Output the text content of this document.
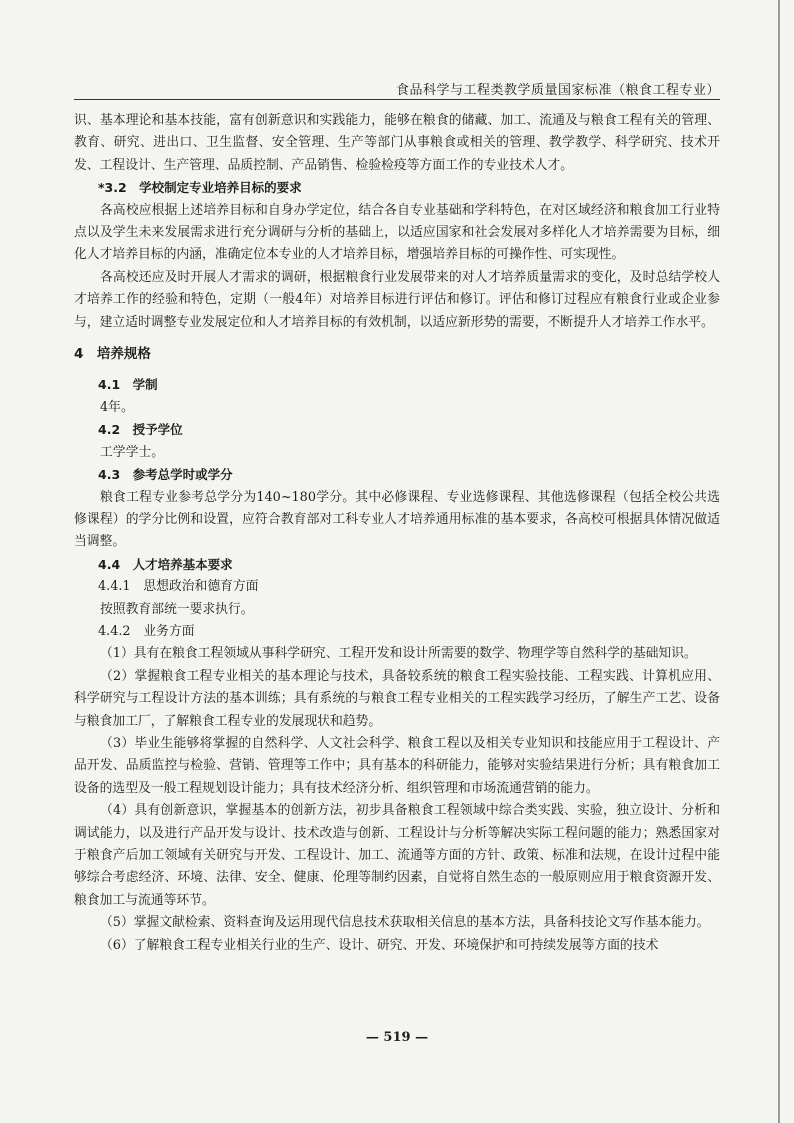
食品科学与工程类教学质量国家标准（粮食工程专业）

识、基本理论和基本技能，富有创新意识和实践能力，能够在粮食的储藏、加工、流通及与粮食工程有关的管理、教育、研究、进出口、卫生监督、安全管理、生产等部门从事粮食或相关的管理、教学教学、科学研究、技术开发、工程设计、生产管理、品质控制、产品销售、检验检疫等方面工作的专业技术人才。

*3.2　学校制定专业培养目标的要求

各高校应根据上述培养目标和自身办学定位，结合各自专业基础和学科特色，在对区域经济和粮食加工行业特点以及学生未来发展需求进行充分调研与分析的基础上，以适应国家和社会发展对多样化人才培养需要为目标，细化人才培养目标的内涵，准确定位本专业的人才培养目标，增强培养目标的可操作性、可实现性。

各高校还应及时开展人才需求的调研，根据粮食行业发展带来的对人才培养质量需求的变化，及时总结学校人才培养工作的经验和特色，定期（一般4年）对培养目标进行评估和修订。评估和修订过程应有粮食行业或企业参与，建立适时调整专业发展定位和人才培养目标的有效机制，以适应新形势的需要，不断提升人才培养工作水平。

4　培养规格

4.1　学制

4年。

4.2　授予学位

工学学士。

4.3　参考总学时或学分

粮食工程专业参考总学分为140~180学分。其中必修课程、专业选修课程、其他选修课程（包括全校公共选修课程）的学分比例和设置，应符合教育部对工科专业人才培养通用标准的基本要求，各高校可根据具体情况做适当调整。

4.4　人才培养基本要求

4.4.1　思想政治和德育方面

按照教育部统一要求执行。

4.4.2　业务方面

（1）具有在粮食工程领域从事科学研究、工程开发和设计所需要的数学、物理学等自然科学的基础知识。

（2）掌握粮食工程专业相关的基本理论与技术，具备较系统的粮食工程实验技能、工程实践、计算机应用、科学研究与工程设计方法的基本训练；具有系统的与粮食工程专业相关的工程实践学习经历，了解生产工艺、设备与粮食加工厂，了解粮食工程专业的发展现状和趋势。

（3）毕业生能够将掌握的自然科学、人文社会科学、粮食工程以及相关专业知识和技能应用于工程设计、产品开发、品质监控与检验、营销、管理等工作中；具有基本的科研能力，能够对实验结果进行分析；具有粮食加工设备的选型及一般工程规划设计能力；具有技术经济分析、组织管理和市场流通营销的能力。

（4）具有创新意识，掌握基本的创新方法，初步具备粮食工程领域中综合类实践、实验，独立设计、分析和调试能力，以及进行产品开发与设计、技术改造与创新、工程设计与分析等解决实际工程问题的能力；熟悉国家对于粮食产后加工领域有关研究与开发、工程设计、加工、流通等方面的方针、政策、标准和法规，在设计过程中能够综合考虑经济、环境、法律、安全、健康、伦理等制约因素，自觉将自然生态的一般原则应用于粮食资源开发、粮食加工与流通等环节。

（5）掌握文献检索、资料查询及运用现代信息技术获取相关信息的基本方法，具备科技论文写作基本能力。

（6）了解粮食工程专业相关行业的生产、设计、研究、开发、环境保护和可持续发展等方面的技术

— 519 —
